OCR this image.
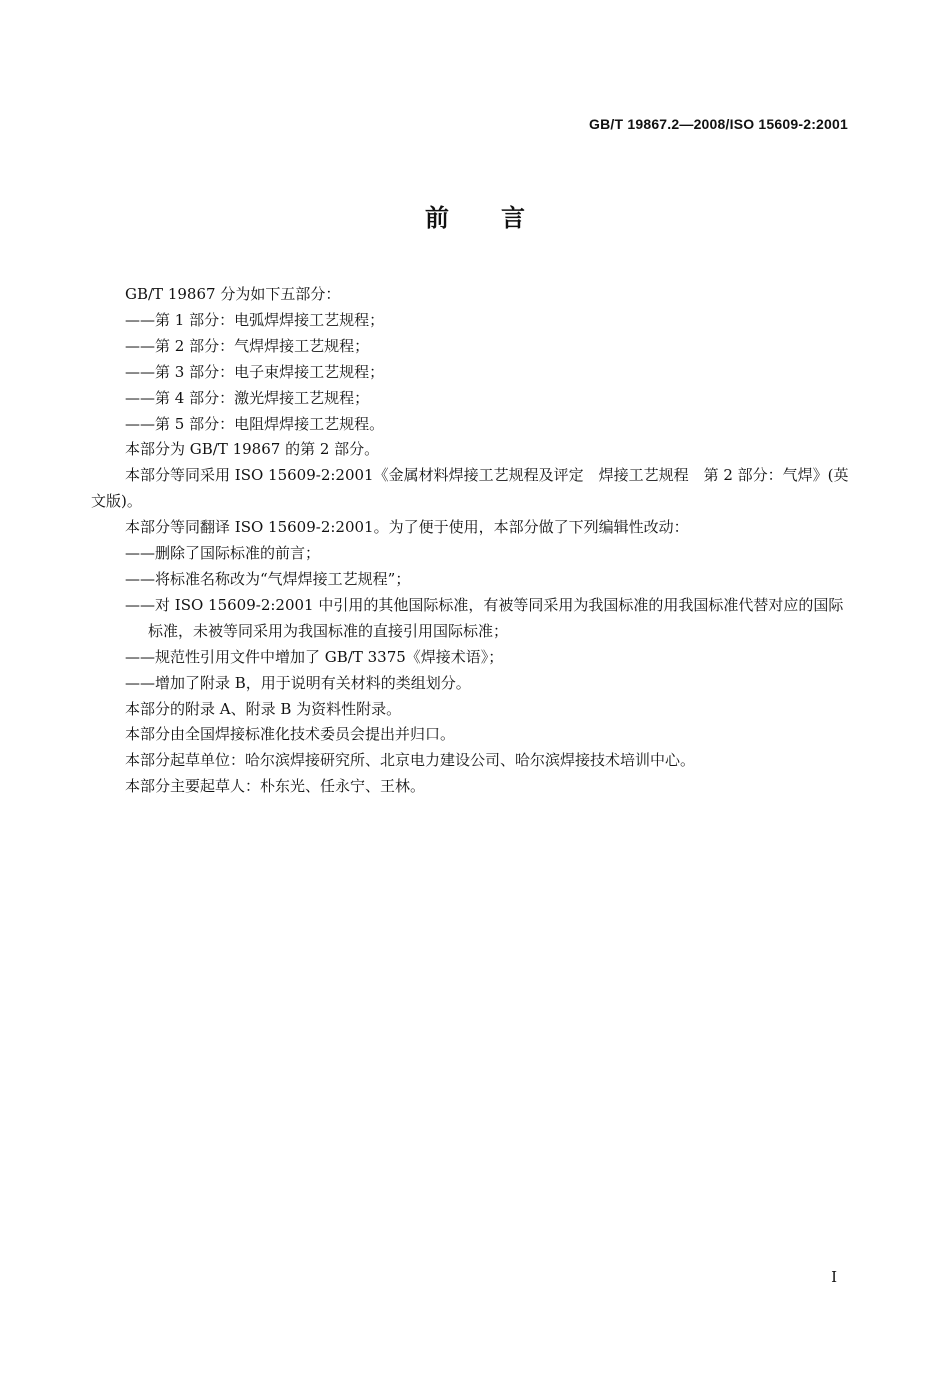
GB/T 19867.2—2008/ISO 15609-2:2001
前言

GB/T 19867 分为如下五部分：

——第 1 部分：电弧焊焊接工艺规程；

——第 2 部分：气焊焊接工艺规程；

——第 3 部分：电子束焊接工艺规程；

——第 4 部分：激光焊接工艺规程；

——第 5 部分：电阻焊焊接工艺规程。

本部分为 GB/T 19867 的第 2 部分。

本部分等同采用 ISO 15609-2:2001《金属材料焊接工艺规程及评定　焊接工艺规程　第 2 部分：气焊》(英文版)。

本部分等同翻译 ISO 15609-2:2001。为了便于使用，本部分做了下列编辑性改动：

——删除了国际标准的前言；

——将标准名称改为“气焊焊接工艺规程”；

——对 ISO 15609-2:2001 中引用的其他国际标准，有被等同采用为我国标准的用我国标准代替对应的国际标准，未被等同采用为我国标准的直接引用国际标准；

——规范性引用文件中增加了 GB/T 3375《焊接术语》；

——增加了附录 B，用于说明有关材料的类组划分。

本部分的附录 A、附录 B 为资料性附录。

本部分由全国焊接标准化技术委员会提出并归口。

本部分起草单位：哈尔滨焊接研究所、北京电力建设公司、哈尔滨焊接技术培训中心。

本部分主要起草人：朴东光、任永宁、王林。

I
